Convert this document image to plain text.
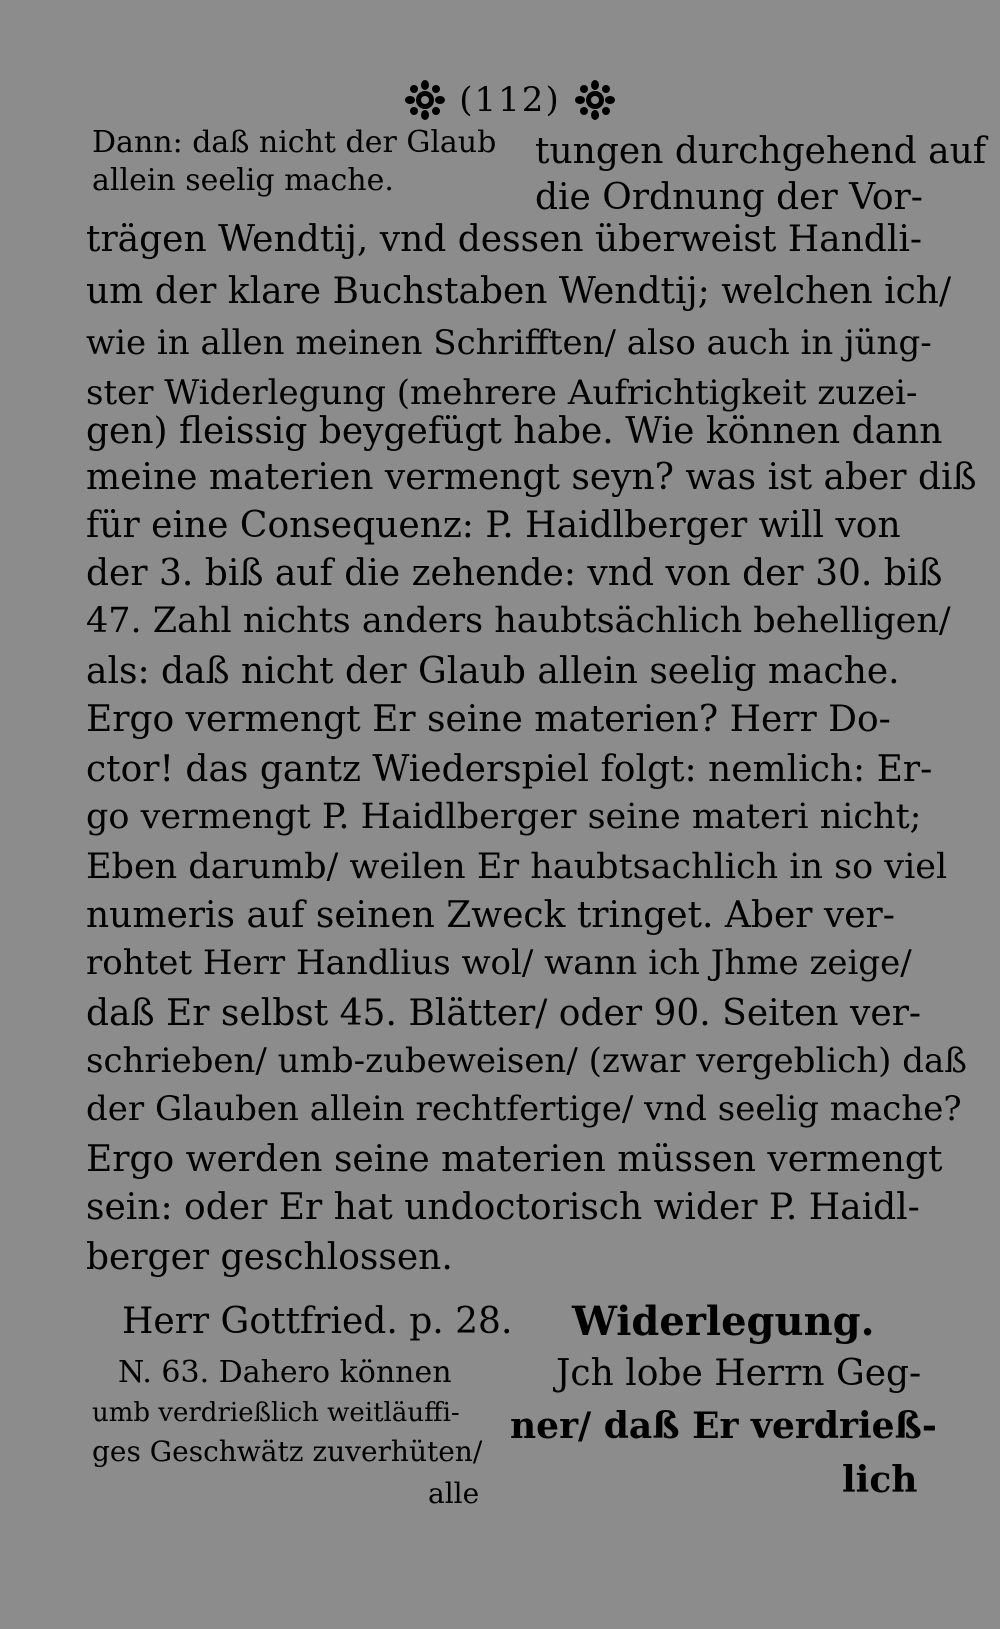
(112)
Dann: daß nicht der Glaub
allein seelig mache.
tungen durchgehend auf
die Ordnung der Vor-
trägen Wendtij, vnd dessen überweist Handli-
um der klare Buchstaben Wendtij; welchen ich/
wie in allen meinen Schrifften/ also auch in jüng-
ster Widerlegung (mehrere Aufrichtigkeit zuzei-
gen) fleissig beygefügt habe. Wie können dann
meine materien vermengt seyn? was ist aber diß
für eine Consequenz: P. Haidlberger will von
der 3. biß auf die zehende: vnd von der 30. biß
47. Zahl nichts anders haubtsächlich behelligen/
als: daß nicht der Glaub allein seelig mache.
Ergo vermengt Er seine materien? Herr Do-
ctor! das gantz Wiederspiel folgt: nemlich: Er-
go vermengt P. Haidlberger seine materi nicht;
Eben darumb/ weilen Er haubtsachlich in so viel
numeris auf seinen Zweck tringet. Aber ver-
rohtet Herr Handlius wol/ wann ich Jhme zeige/
daß Er selbst 45. Blätter/ oder 90. Seiten ver-
schrieben/ umb-zubeweisen/ (zwar vergeblich) daß
der Glauben allein rechtfertige/ vnd seelig mache?
Ergo werden seine materien müssen vermengt
sein: oder Er hat undoctorisch wider P. Haidl-
berger geschlossen.
Herr Gottfried. p. 28. Widerlegung.
N. 63. Dahero können
umb verdrießlich weitläuffi-
ges Geschwätz zuverhüten/
alle
Jch lobe Herrn Geg-
ner/ daß Er verdrieß-
lich
